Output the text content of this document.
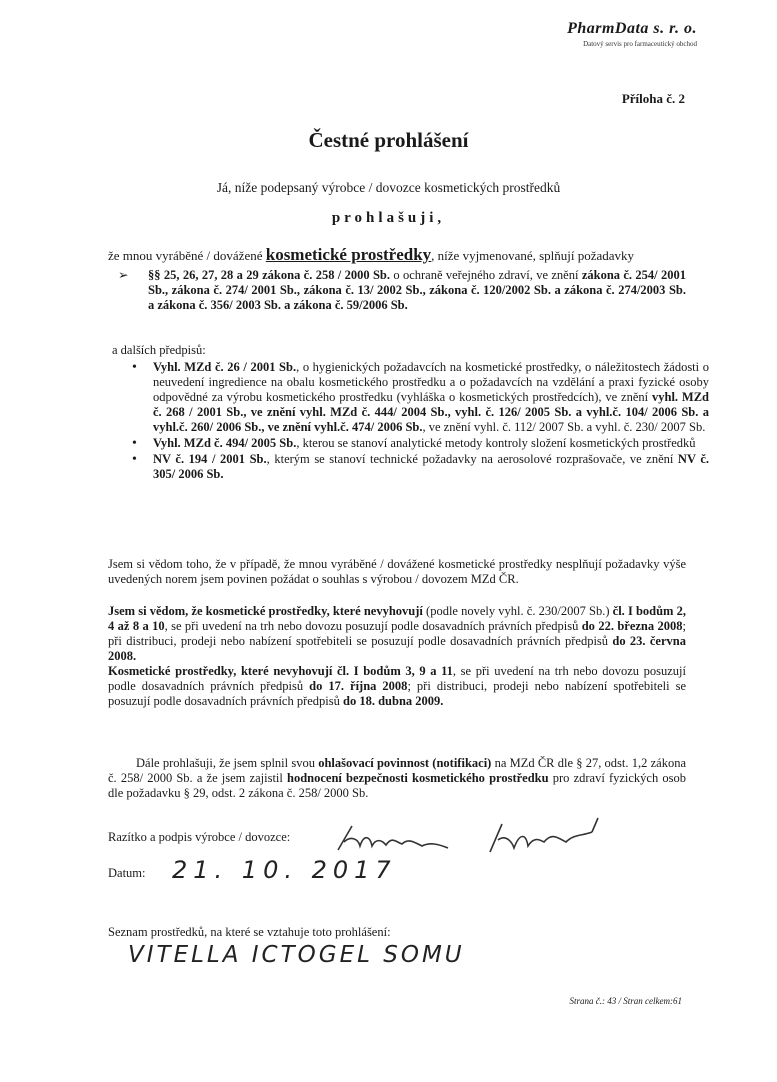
PharmData s. r. o.
Datový servis pro farmaceutický obchod
Příloha č. 2
Čestné prohlášení
Já, níže podepsaný výrobce / dovozce kosmetických prostředků
prohlašuji,
že mnou vyráběné / dovážené kosmetické prostředky, níže vyjmenované, splňují požadavky
➢ §§ 25, 26, 27, 28 a 29 zákona č. 258 / 2000 Sb. o ochraně veřejného zdraví, ve znění zákona č. 254/ 2001 Sb., zákona č. 274/ 2001 Sb., zákona č. 13/ 2002 Sb., zákona č. 120/2002 Sb. a zákona č. 274/2003 Sb. a zákona č. 356/ 2003 Sb. a zákona č. 59/2006 Sb.
a dalších předpisů:
• Vyhl. MZd č. 26 / 2001 Sb., o hygienických požadavcích na kosmetické prostředky, o náležitostech žádosti o neuvedení ingredience na obalu kosmetického prostředku a o požadavcích na vzdělání a praxi fyzické osoby odpovědné za výrobu kosmetického prostředku (vyhláška o kosmetických prostředcích), ve znění vyhl. MZd č. 268 / 2001 Sb., ve znění vyhl. MZd č. 444/ 2004 Sb., vyhl. č. 126/ 2005 Sb. a vyhl.č. 104/ 2006 Sb. a vyhl.č. 260/ 2006 Sb., ve znění vyhl.č. 474/ 2006 Sb., ve znění vyhl. č. 112/ 2007 Sb. a vyhl. č. 230/ 2007 Sb.
• Vyhl. MZd č. 494/ 2005 Sb., kterou se stanoví analytické metody kontroly složení kosmetických prostředků
• NV č. 194 / 2001 Sb., kterým se stanoví technické požadavky na aerosolové rozprašovače, ve znění NV č. 305/ 2006 Sb.
Jsem si vědom toho, že v případě, že mnou vyráběné / dovážené kosmetické prostředky nesplňují požadavky výše uvedených norem jsem povinen požádat o souhlas s výrobou / dovozem MZd ČR.
Jsem si vědom, že kosmetické prostředky, které nevyhovují (podle novely vyhl. č. 230/2007 Sb.) čl. I bodům 2, 4 až 8 a 10, se při uvedení na trh nebo dovozu posuzují podle dosavadních právních předpisů do 22. března 2008; při distribuci, prodeji nebo nabízení spotřebiteli se posuzují podle dosavadních právních předpisů do 23. června 2008.
Kosmetické prostředky, které nevyhovují čl. I bodům 3, 9 a 11, se při uvedení na trh nebo dovozu posuzují podle dosavadních právních předpisů do 17. října 2008; při distribuci, prodeji nebo nabízení spotřebiteli se posuzují podle dosavadních právních předpisů do 18. dubna 2009.
Dále prohlašuji, že jsem splnil svou ohlašovací povinnost (notifikaci) na MZd ČR dle § 27, odst. 1,2 zákona č. 258/ 2000 Sb. a že jsem zajistil hodnocení bezpečnosti kosmetického prostředku pro zdraví fyzických osob dle požadavku § 29, odst. 2 zákona č. 258/ 2000 Sb.
Razítko a podpis výrobce / dovozce:
Datum: 21. 10. 2017
Seznam prostředků, na které se vztahuje toto prohlášení:
VITELLA ICTOGEL SOMU
Strana č.: 43 / Stran celkem:61
